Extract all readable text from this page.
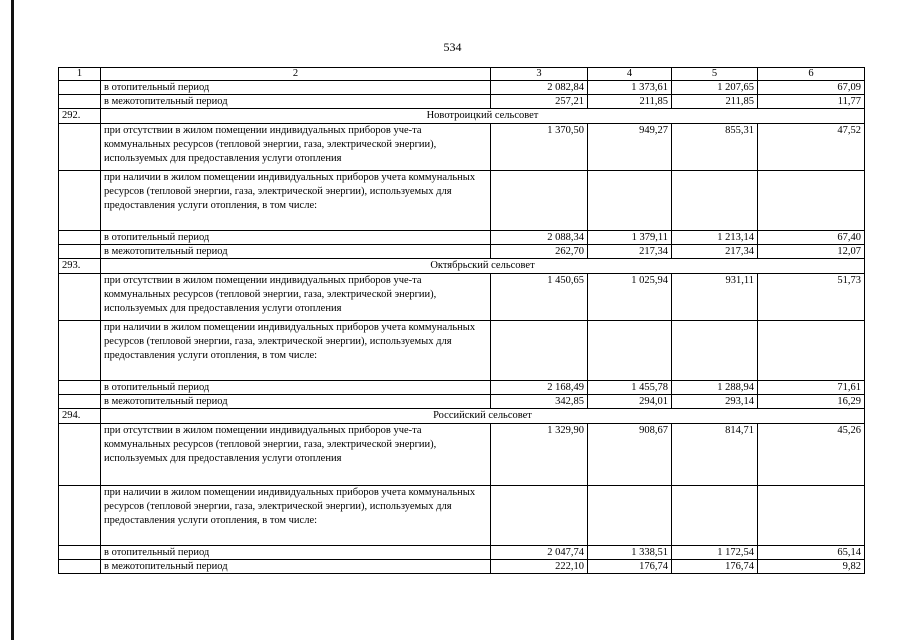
534
1	2	3	4	5	6
	в отопительный период	2 082,84	1 373,61	1 207,65	67,09
	в межотопительный период	257,21	211,85	211,85	11,77
292.	Новотроицкий сельсовет				
	при отсутствии в жилом помещении индивидуальных приборов уче-та коммунальных ресурсов (тепловой энергии, газа, электрической энергии), используемых для предоставления услуги отопления	1 370,50	949,27	855,31	47,52
	при наличии в жилом помещении индивидуальных приборов учета коммунальных ресурсов (тепловой энергии, газа, электрической энергии), используемых для предоставления услуги отопления, в том числе:				
	в отопительный период	2 088,34	1 379,11	1 213,14	67,40
	в межотопительный период	262,70	217,34	217,34	12,07
293.	Октябрьский сельсовет				
	при отсутствии в жилом помещении индивидуальных приборов уче-та коммунальных ресурсов (тепловой энергии, газа, электрической энергии), используемых для предоставления услуги отопления	1 450,65	1 025,94	931,11	51,73
	при наличии в жилом помещении индивидуальных приборов учета коммунальных ресурсов (тепловой энергии, газа, электрической энергии), используемых для предоставления услуги отопления, в том числе:				
	в отопительный период	2 168,49	1 455,78	1 288,94	71,61
	в межотопительный период	342,85	294,01	293,14	16,29
294.	Российский сельсовет				
	при отсутствии в жилом помещении индивидуальных приборов уче-та коммунальных ресурсов (тепловой энергии, газа, электрической энергии), используемых для предоставления услуги отопления	1 329,90	908,67	814,71	45,26
	при наличии в жилом помещении индивидуальных приборов учета коммунальных ресурсов (тепловой энергии, газа, электрической энергии), используемых для предоставления услуги отопления, в том числе:				
	в отопительный период	2 047,74	1 338,51	1 172,54	65,14
	в межотопительный период	222,10	176,74	176,74	9,82
